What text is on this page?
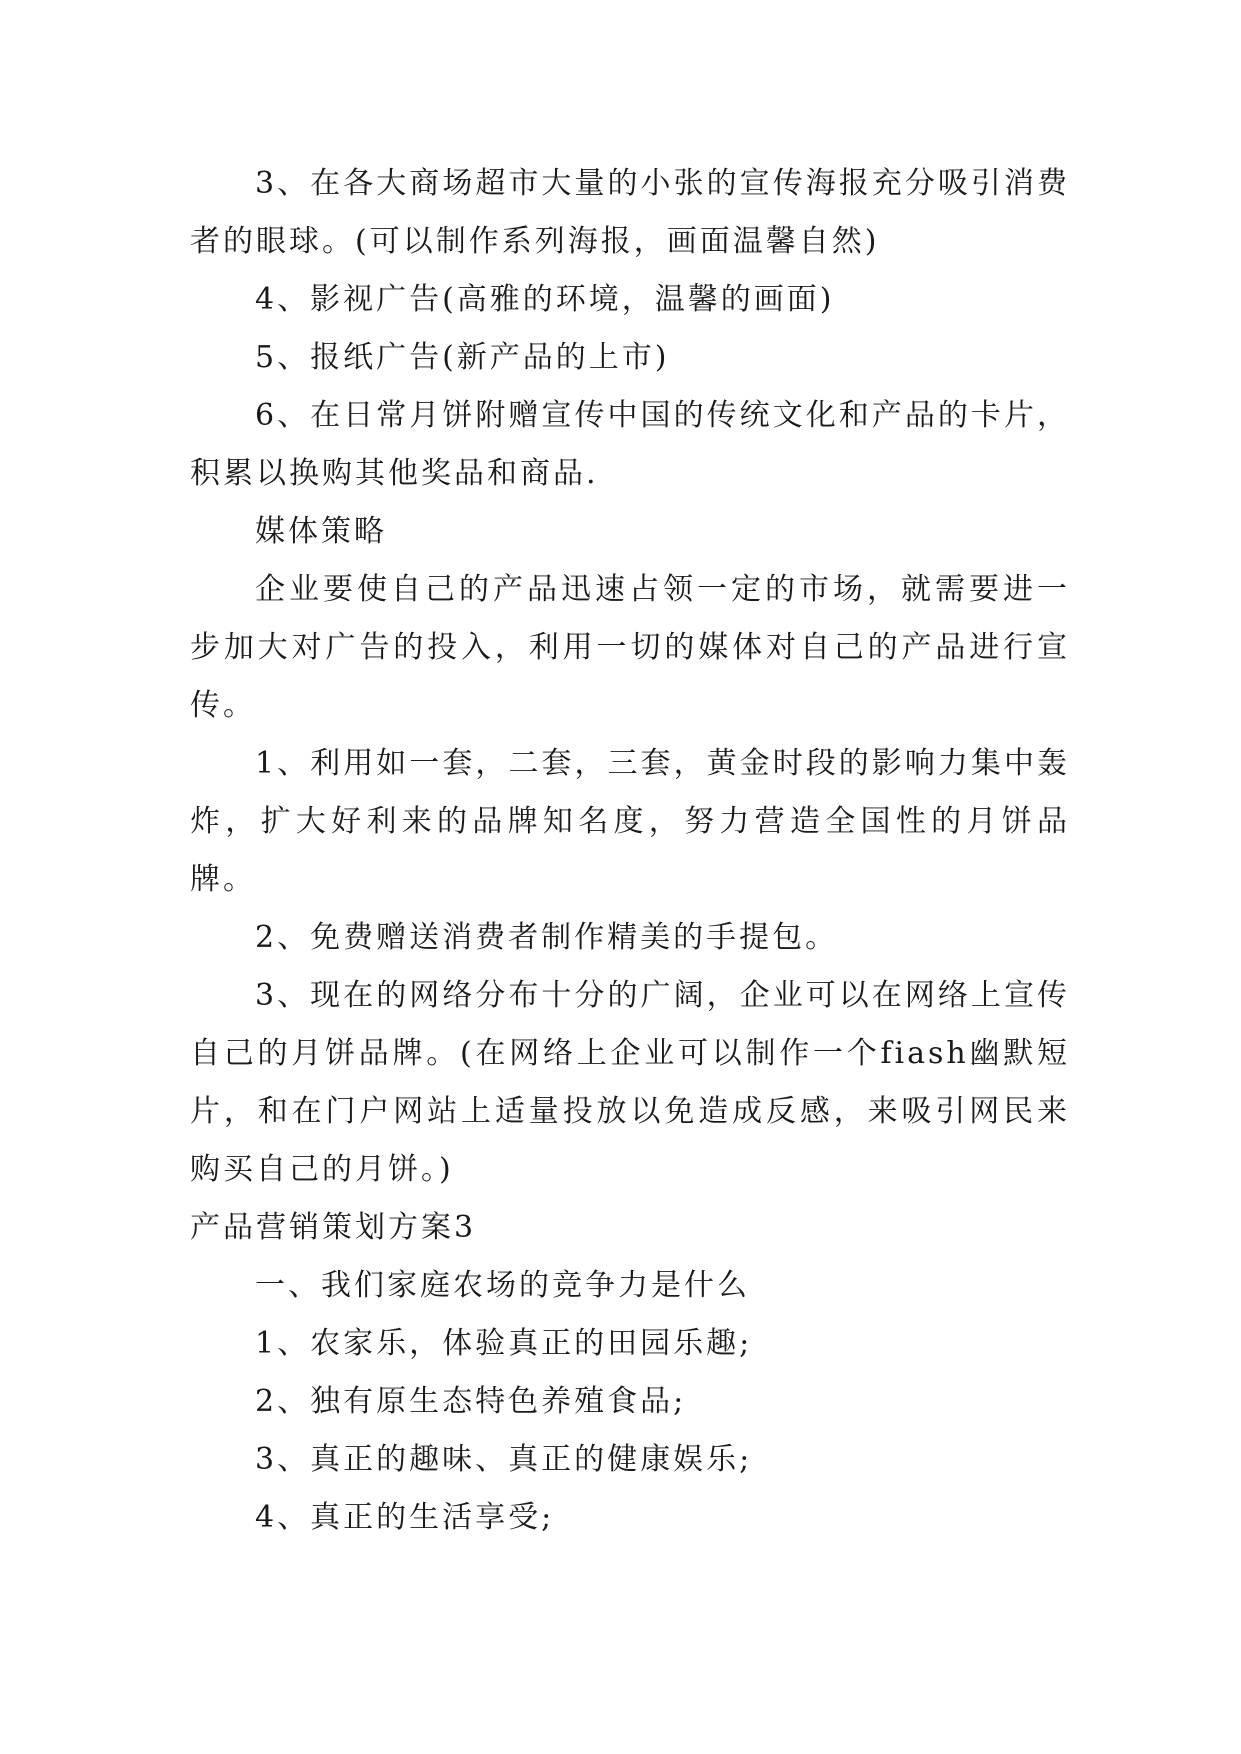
3、在各大商场超市大量的小张的宣传海报充分吸引消费者的眼球。(可以制作系列海报，画面温馨自然)

4、影视广告(高雅的环境，温馨的画面)

5、报纸广告(新产品的上市)

6、在日常月饼附赠宣传中国的传统文化和产品的卡片，积累以换购其他奖品和商品.

媒体策略

企业要使自己的产品迅速占领一定的市场，就需要进一步加大对广告的投入，利用一切的媒体对自己的产品进行宣传。

1、利用如一套，二套，三套，黄金时段的影响力集中轰炸，扩大好利来的品牌知名度，努力营造全国性的月饼品牌。

2、免费赠送消费者制作精美的手提包。

3、现在的网络分布十分的广阔，企业可以在网络上宣传自己的月饼品牌。(在网络上企业可以制作一个fiash幽默短片，和在门户网站上适量投放以免造成反感，来吸引网民来购买自己的月饼。)

产品营销策划方案3

一、我们家庭农场的竞争力是什么

1、农家乐，体验真正的田园乐趣;

2、独有原生态特色养殖食品;

3、真正的趣味、真正的健康娱乐;

4、真正的生活享受;
